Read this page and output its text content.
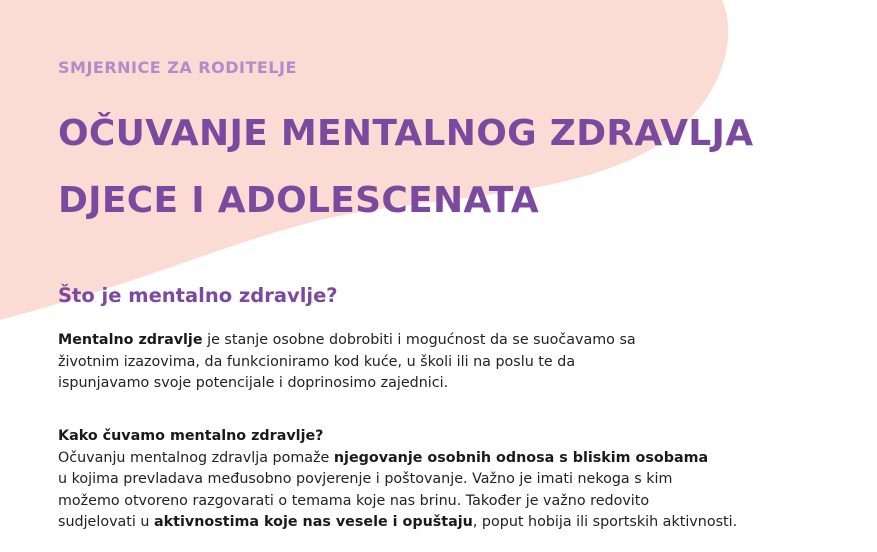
SMJERNICE ZA RODITELJE
OČUVANJE MENTALNOG ZDRAVLJA
DJECE I ADOLESCENATA
Što je mentalno zdravlje?

Mentalno zdravlje je stanje osobne dobrobiti i mogućnost da se suočavamo sa
životnim izazovima, da funkcioniramo kod kuće, u školi ili na poslu te da
ispunjavamo svoje potencijale i doprinosimo zajednici.

Kako čuvamo mentalno zdravlje?
Očuvanju mentalnog zdravlja pomaže njegovanje osobnih odnosa s bliskim osobama
u kojima prevladava međusobno povjerenje i poštovanje. Važno je imati nekoga s kim
možemo otvoreno razgovarati o temama koje nas brinu. Također je važno redovito
sudjelovati u aktivnostima koje nas vesele i opuštaju, poput hobija ili sportskih aktivnosti.
